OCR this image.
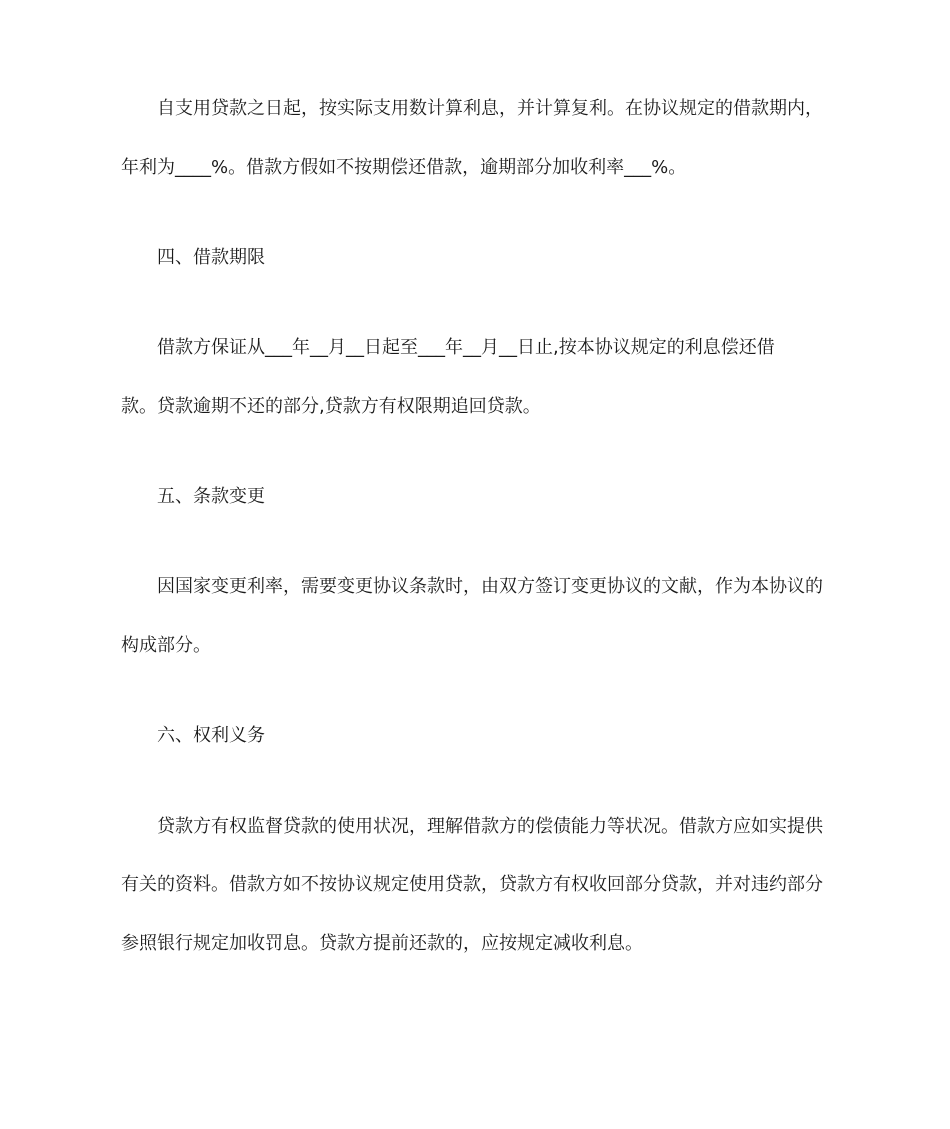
自支用贷款之日起，按实际支用数计算利息，并计算复利。在协议规定的借款期内，
年利为____%。借款方假如不按期偿还借款，逾期部分加收利率___%。
四、借款期限
借款方保证从___年__月__日起至___年__月__日止,按本协议规定的利息偿还借
款。贷款逾期不还的部分,贷款方有权限期追回贷款。
五、条款变更
因国家变更利率，需要变更协议条款时，由双方签订变更协议的文献，作为本协议的
构成部分。
六、权利义务
贷款方有权监督贷款的使用状况，理解借款方的偿债能力等状况。借款方应如实提供
有关的资料。借款方如不按协议规定使用贷款，贷款方有权收回部分贷款，并对违约部分
参照银行规定加收罚息。贷款方提前还款的，应按规定减收利息。
